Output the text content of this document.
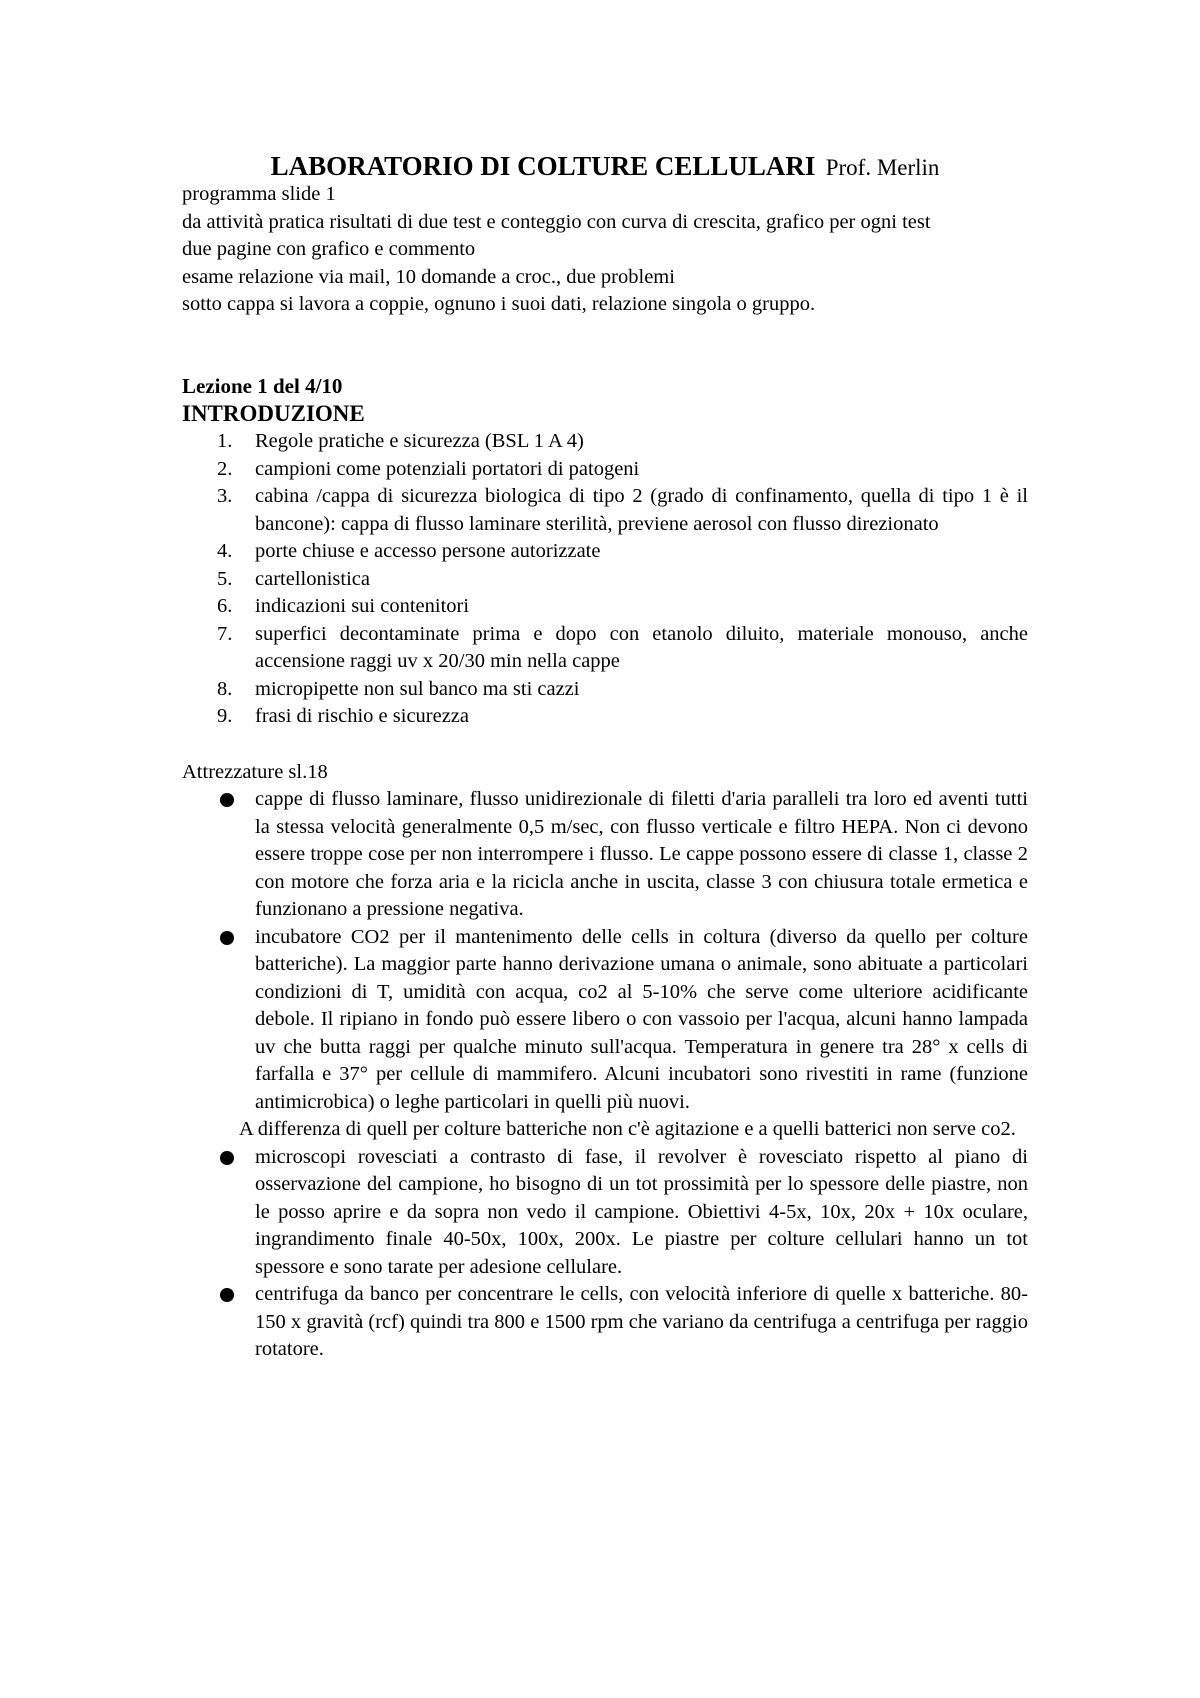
LABORATORIO DI COLTURE CELLULARI Prof. Merlin

programma slide 1

da attività pratica risultati di due test e conteggio con curva di crescita, grafico per ogni test

due pagine con grafico e commento

esame relazione via mail, 10 domande a croc., due problemi

sotto cappa si lavora a coppie, ognuno i suoi dati, relazione singola o gruppo.

Lezione 1 del 4/10

INTRODUZIONE
1.	Regole pratiche e sicurezza (BSL 1 A 4)
2.	campioni come potenziali portatori di patogeni
3.	cabina /cappa di sicurezza biologica di tipo 2 (grado di confinamento, quella di tipo 1 è il bancone): cappa di flusso laminare sterilità, previene aerosol con flusso direzionato
4.	porte chiuse e accesso persone autorizzate
5.	cartellonistica
6.	indicazioni sui contenitori
7.	superfici decontaminate prima e dopo con etanolo diluito, materiale monouso, anche accensione raggi uv x 20/30 min nella cappe
8.	micropipette non sul banco ma sti cazzi
9.	frasi di rischio e sicurezza

Attrezzature sl.18

cappe di flusso laminare, flusso unidirezionale di filetti d'aria paralleli tra loro ed aventi tutti la stessa velocità generalmente 0,5 m/sec, con flusso verticale e filtro HEPA. Non ci devono essere troppe cose per non interrompere i flusso. Le cappe possono essere di classe 1, classe 2 con motore che forza aria e la ricicla anche in uscita, classe 3 con chiusura totale ermetica e funzionano a pressione negativa.
incubatore CO2 per il mantenimento delle cells in coltura (diverso da quello per colture batteriche). La maggior parte hanno derivazione umana o animale, sono abituate a particolari condizioni di T, umidità con acqua, co2 al 5-10% che serve come ulteriore acidificante debole. Il ripiano in fondo può essere libero o con vassoio per l'acqua, alcuni hanno lampada uv che butta raggi per qualche minuto sull'acqua. Temperatura in genere tra 28° x cells di farfalla e 37° per cellule di mammifero. Alcuni incubatori sono rivestiti in rame (funzione antimicrobica) o leghe particolari in quelli più nuovi.
A differenza di quell per colture batteriche non c'è agitazione e a quelli batterici non serve co2.
microscopi rovesciati a contrasto di fase, il revolver è rovesciato rispetto al piano di osservazione del campione, ho bisogno di un tot prossimità per lo spessore delle piastre, non le posso aprire e da sopra non vedo il campione. Obiettivi 4-5x, 10x, 20x + 10x oculare, ingrandimento finale 40-50x, 100x, 200x. Le piastre per colture cellulari hanno un tot spessore e sono tarate per adesione cellulare.
centrifuga da banco per concentrare le cells, con velocità inferiore di quelle x batteriche. 80-150 x gravità (rcf) quindi tra 800 e 1500 rpm che variano da centrifuga a centrifuga per raggio rotatore.
